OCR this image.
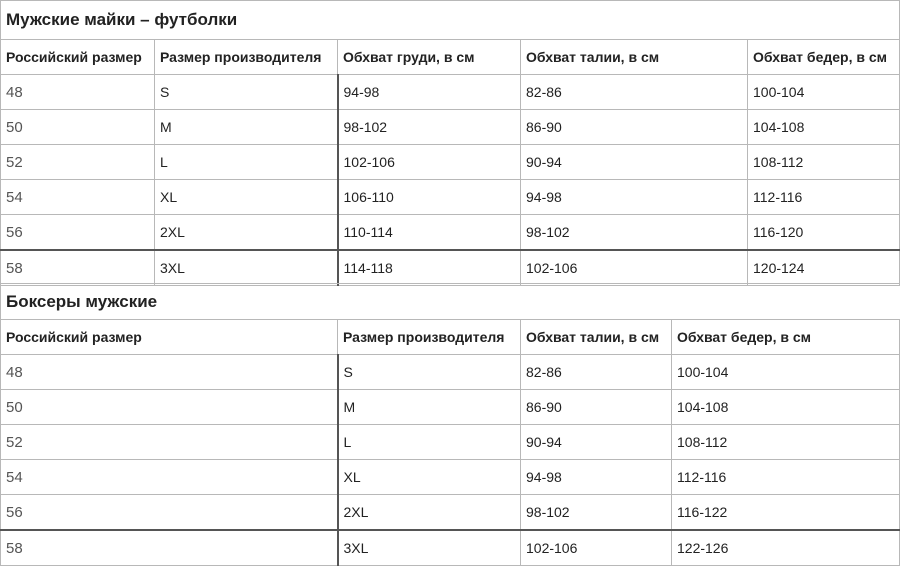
Мужские майки – футболки				
Российский размер	Размер производителя	Обхват груди, в см	Обхват талии, в см	Обхват бедер, в см
48	S	94-98	82-86	100-104
50	M	98-102	86-90	104-108
52	L	102-106	90-94	108-112
54	XL	106-110	94-98	112-116
56	2XL	110-114	98-102	116-120
58	3XL	114-118	102-106	120-124
Боксеры мужские			
Российский размер	Размер производителя	Обхват талии, в см	Обхват бедер, в см
48	S	82-86	100-104
50	M	86-90	104-108
52	L	90-94	108-112
54	XL	94-98	112-116
56	2XL	98-102	116-122
58	3XL	102-106	122-126
